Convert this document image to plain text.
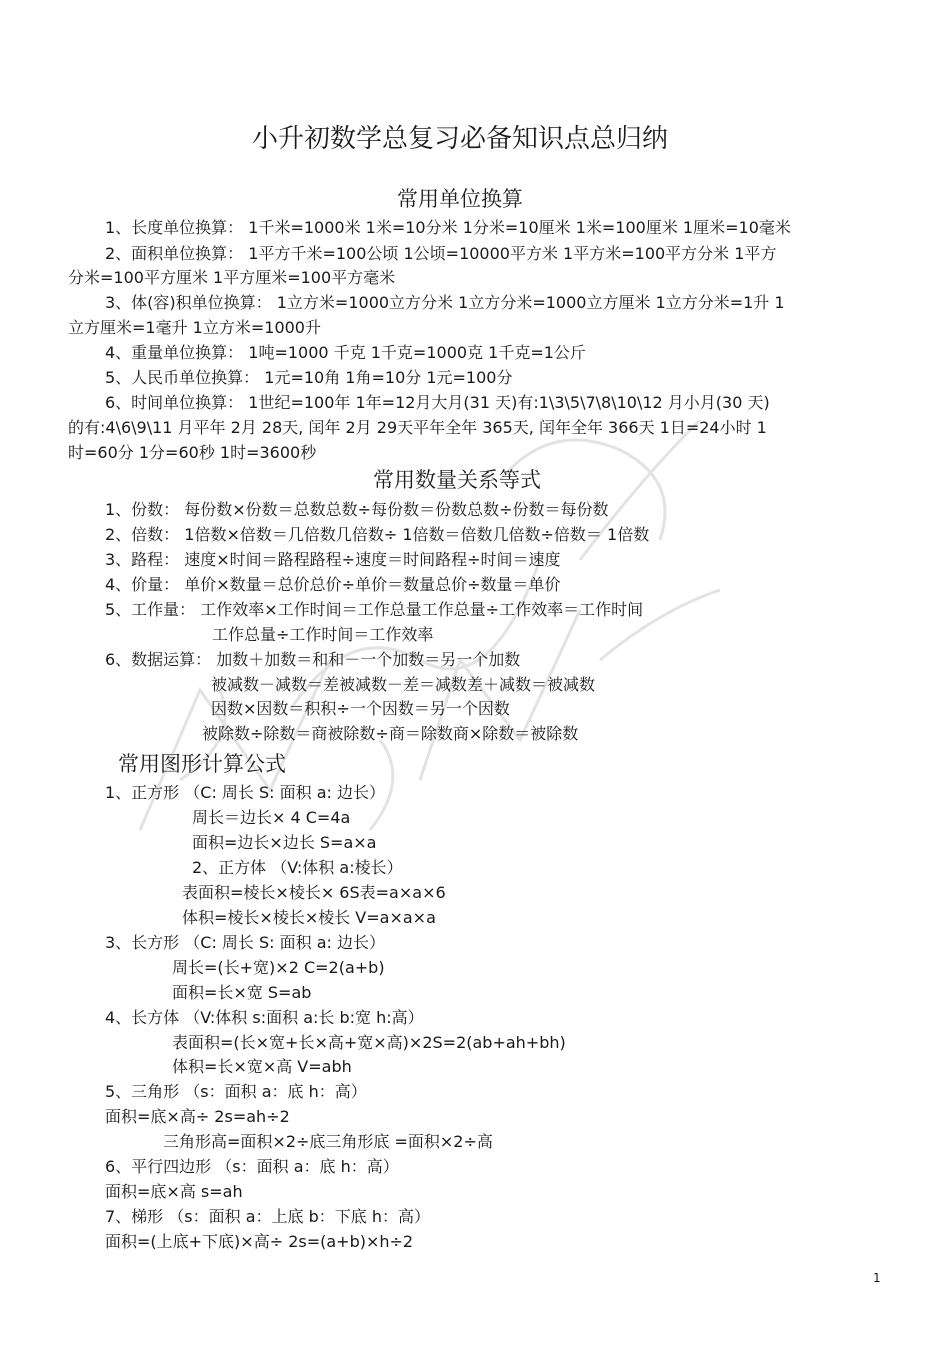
小升初数学总复习必备知识点总归纳
常用单位换算
1、长度单位换算： 1千米=1000米 1米=10分米 1分米=10厘米 1米=100厘米 1厘米=10毫米
2、面积单位换算： 1平方千米=100公顷 1公顷=10000平方米 1平方米=100平方分米 1平方
分米=100平方厘米 1平方厘米=100平方毫米
3、体(容)积单位换算： 1立方米=1000立方分米 1立方分米=1000立方厘米 1立方分米=1升 1
立方厘米=1毫升 1立方米=1000升
4、重量单位换算： 1吨=1000 千克 1千克=1000克 1千克=1公斤
5、人民币单位换算： 1元=10角 1角=10分 1元=100分
6、时间单位换算： 1世纪=100年 1年=12月大月(31 天)有:1\3\5\7\8\10\12 月小月(30 天)
的有:4\6\9\11 月平年 2月 28天, 闰年 2月 29天平年全年 365天, 闰年全年 366天 1日=24小时 1
时=60分 1分=60秒 1时=3600秒
常用数量关系等式
1、份数： 每份数×份数＝总数总数÷每份数＝份数总数÷份数＝每份数
2、倍数： 1倍数×倍数＝几倍数几倍数÷ 1倍数＝倍数几倍数÷倍数＝ 1倍数
3、路程： 速度×时间＝路程路程÷速度＝时间路程÷时间＝速度
4、价量： 单价×数量＝总价总价÷单价＝数量总价÷数量＝单价
5、工作量： 工作效率×工作时间＝工作总量工作总量÷工作效率＝工作时间
工作总量÷工作时间＝工作效率
6、数据运算： 加数＋加数＝和和－一个加数＝另一个加数
被减数－减数＝差被减数－差＝减数差＋减数＝被减数
因数×因数＝积积÷一个因数＝另一个因数
被除数÷除数＝商被除数÷商＝除数商×除数＝被除数
常用图形计算公式
1、正方形 （C: 周长 S: 面积 a: 边长）
周长＝边长× 4 C=4a
面积=边长×边长 S=a×a
2、正方体 （V:体积 a:棱长）
表面积=棱长×棱长× 6S表=a×a×6
体积=棱长×棱长×棱长 V=a×a×a
3、长方形 （C: 周长 S: 面积 a: 边长）
周长=(长+宽)×2 C=2(a+b)
面积=长×宽 S=ab
4、长方体 （V:体积 s:面积 a:长 b:宽 h:高）
表面积=(长×宽+长×高+宽×高)×2S=2(ab+ah+bh)
体积=长×宽×高 V=abh
5、三角形 （s：面积 a：底 h：高）
面积=底×高÷ 2s=ah÷2
三角形高=面积×2÷底三角形底 =面积×2÷高
6、平行四边形 （s：面积 a：底 h：高）
面积=底×高 s=ah
7、梯形 （s：面积 a：上底 b：下底 h：高）
面积=(上底+下底)×高÷ 2s=(a+b)×h÷2
1
